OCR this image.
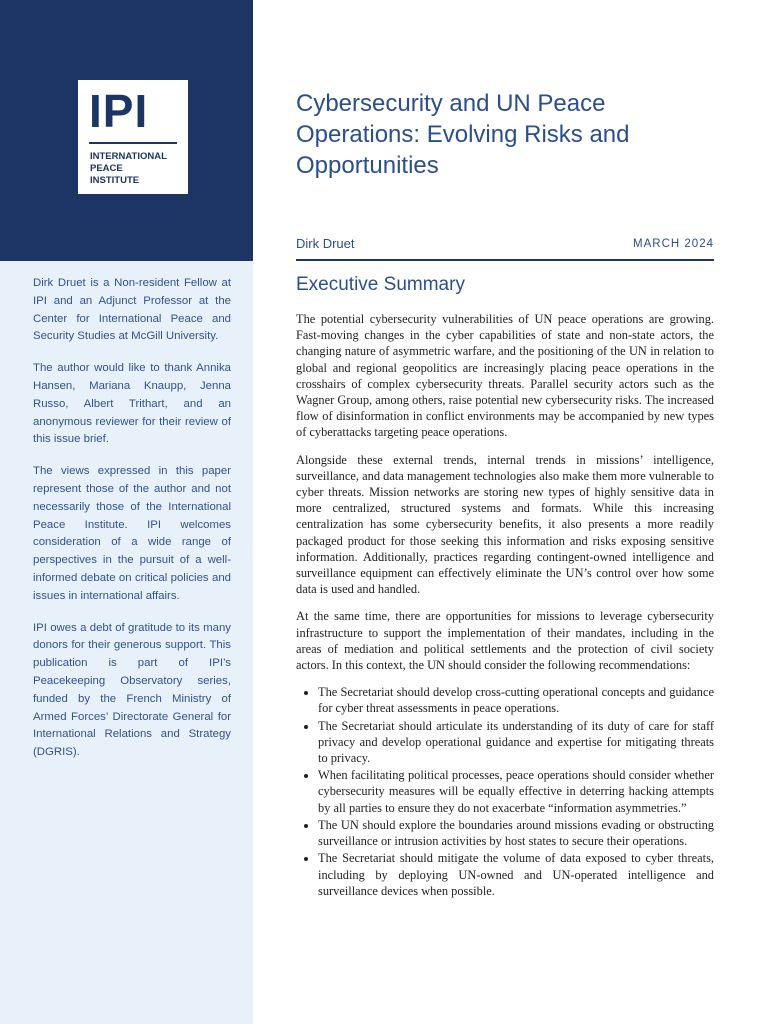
IPI
INTERNATIONAL
PEACE
INSTITUTE

Dirk Druet is a Non-resident Fellow at IPI and an Adjunct Professor at the Center for International Peace and Security Studies at McGill University.

The author would like to thank Annika Hansen, Mariana Knaupp, Jenna Russo, Albert Trithart, and an anonymous reviewer for their review of this issue brief.

The views expressed in this paper represent those of the author and not necessarily those of the International Peace Institute. IPI welcomes consideration of a wide range of perspectives in the pursuit of a well-informed debate on critical policies and issues in international affairs.

IPI owes a debt of gratitude to its many donors for their generous support. This publication is part of IPI’s Peacekeeping Observatory series, funded by the French Ministry of Armed Forces’ Directorate General for International Relations and Strategy (DGRIS).

Cybersecurity and UN Peace Operations: Evolving Risks and Opportunities
Dirk Druet	MARCH 2024
Executive Summary

The potential cybersecurity vulnerabilities of UN peace operations are growing. Fast-moving changes in the cyber capabilities of state and non-state actors, the changing nature of asymmetric warfare, and the positioning of the UN in relation to global and regional geopolitics are increasingly placing peace operations in the crosshairs of complex cybersecurity threats. Parallel security actors such as the Wagner Group, among others, raise potential new cybersecurity risks. The increased flow of disinformation in conflict environments may be accompanied by new types of cyberattacks targeting peace operations.

Alongside these external trends, internal trends in missions’ intelligence, surveillance, and data management technologies also make them more vulnerable to cyber threats. Mission networks are storing new types of highly sensitive data in more centralized, structured systems and formats. While this increasing centralization has some cybersecurity benefits, it also presents a more readily packaged product for those seeking this information and risks exposing sensitive information. Additionally, practices regarding contingent-owned intelligence and surveillance equipment can effectively eliminate the UN’s control over how some data is used and handled.

At the same time, there are opportunities for missions to leverage cybersecurity infrastructure to support the implementation of their mandates, including in the areas of mediation and political settlements and the protection of civil society actors. In this context, the UN should consider the following recommendations:

• The Secretariat should develop cross-cutting operational concepts and guidance for cyber threat assessments in peace operations.
• The Secretariat should articulate its understanding of its duty of care for staff privacy and develop operational guidance and expertise for mitigating threats to privacy.
• When facilitating political processes, peace operations should consider whether cybersecurity measures will be equally effective in deterring hacking attempts by all parties to ensure they do not exacerbate “information asymmetries.”
• The UN should explore the boundaries around missions evading or obstructing surveillance or intrusion activities by host states to secure their operations.
• The Secretariat should mitigate the volume of data exposed to cyber threats, including by deploying UN-owned and UN-operated intelligence and surveillance devices when possible.
